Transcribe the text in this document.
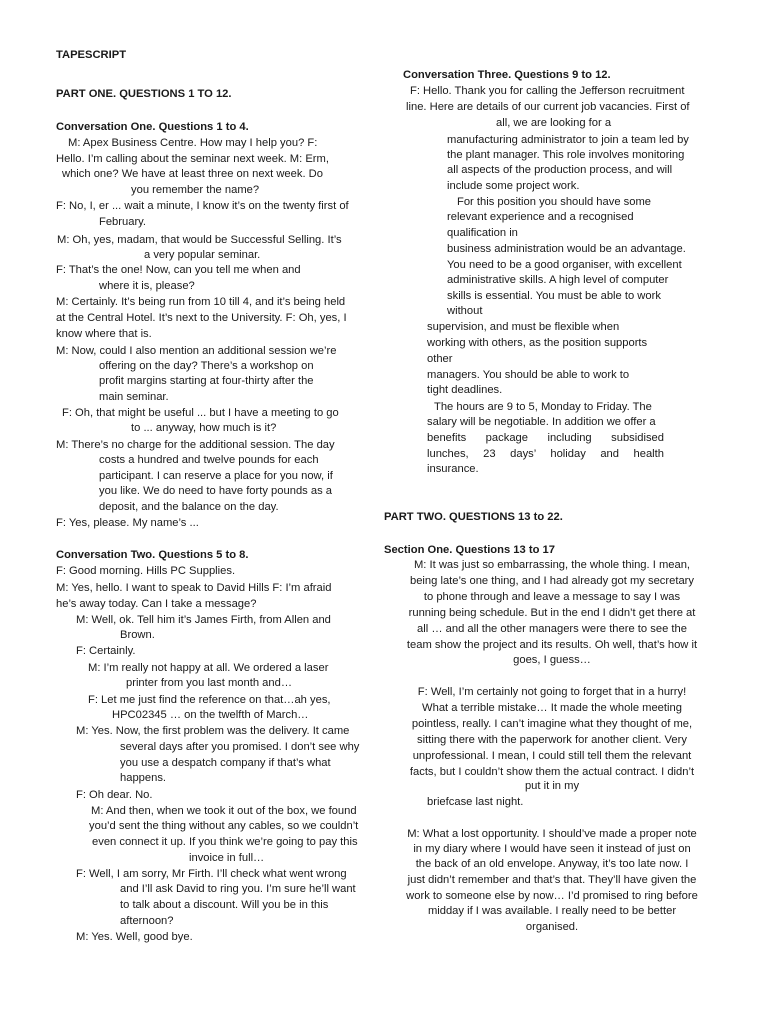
TAPESCRIPT
PART ONE. QUESTIONS 1 TO 12.
Conversation One. Questions 1 to 4.
M: Apex Business Centre. How may I help you? F:
Hello. I’m calling about the seminar next week. M: Erm,
which one? We have at least three on next week. Do
you remember the name?
F: No, I, er ... wait a minute, I know it’s on the twenty first of
February.
M: Oh, yes, madam, that would be Successful Selling. It’s
a very popular seminar.
F: That’s the one! Now, can you tell me when and
where it is, please?
M: Certainly. It’s being run from 10 till 4, and it’s being held
at the Central Hotel. It’s next to the University. F: Oh, yes, I
know where that is.
M: Now, could I also mention an additional session we’re
offering on the day? There’s a workshop on
profit margins starting at four-thirty after the
main seminar.
F: Oh, that might be useful ... but I have a meeting to go
to ... anyway, how much is it?
M: There’s no charge for the additional session. The day
costs a hundred and twelve pounds for each
participant. I can reserve a place for you now, if
you like. We do need to have forty pounds as a
deposit, and the balance on the day.
F: Yes, please. My name’s ...
Conversation Two. Questions 5 to 8.
F: Good morning. Hills PC Supplies.
M: Yes, hello. I want to speak to David Hills F: I’m afraid
he’s away today. Can I take a message?
M: Well, ok. Tell him it’s James Firth, from Allen and
Brown.
F: Certainly.
M: I’m really not happy at all. We ordered a laser
printer from you last month and…
F: Let me just find the reference on that…ah yes,
HPC02345 … on the twelfth of March…
M: Yes. Now, the first problem was the delivery. It came
several days after you promised. I don’t see why
you use a despatch company if that’s what
happens.
F: Oh dear. No.
M: And then, when we took it out of the box, we found
you’d sent the thing without any cables, so we couldn’t
even connect it up. If you think we’re going to pay this
invoice in full…
F: Well, I am sorry, Mr Firth. I’ll check what went wrong
and I’ll ask David to ring you. I’m sure he’ll want
to talk about a discount. Will you be in this
afternoon?
M: Yes. Well, good bye.
Conversation Three. Questions 9 to 12.
F: Hello. Thank you for calling the Jefferson recruitment
line. Here are details of our current job vacancies. First of
all, we are looking for a
manufacturing administrator to join a team led by
the plant manager. This role involves monitoring
all aspects of the production process, and will
include some project work.
For this position you should have some
relevant experience and a recognised
qualification in
business administration would be an advantage.
You need to be a good organiser, with excellent
administrative skills. A high level of computer
skills is essential. You must be able to work
without
supervision, and must be flexible when
working with others, as the position supports
other
managers. You should be able to work to
tight deadlines.
The hours are 9 to 5, Monday to Friday. The
salary will be negotiable. In addition we offer a
benefits package including subsidised
lunches, 23 days’ holiday and health
insurance.
PART TWO. QUESTIONS 13 to 22.
Section One. Questions 13 to 17
M: It was just so embarrassing, the whole thing. I mean,
being late’s one thing, and I had already got my secretary
to phone through and leave a message to say I was
running being schedule. But in the end I didn’t get there at
all … and all the other managers were there to see the
team show the project and its results. Oh well, that’s how it
goes, I guess…
F: Well, I’m certainly not going to forget that in a hurry!
What a terrible mistake… It made the whole meeting
pointless, really. I can’t imagine what they thought of me,
sitting there with the paperwork for another client. Very
unprofessional. I mean, I could still tell them the relevant
facts, but I couldn’t show them the actual contract. I didn’t
put it in my
briefcase last night.
M: What a lost opportunity. I should’ve made a proper note
in my diary where I would have seen it instead of just on
the back of an old envelope. Anyway, it’s too late now. I
just didn’t remember and that’s that. They’ll have given the
work to someone else by now… I’d promised to ring before
midday if I was available. I really need to be better
organised.
